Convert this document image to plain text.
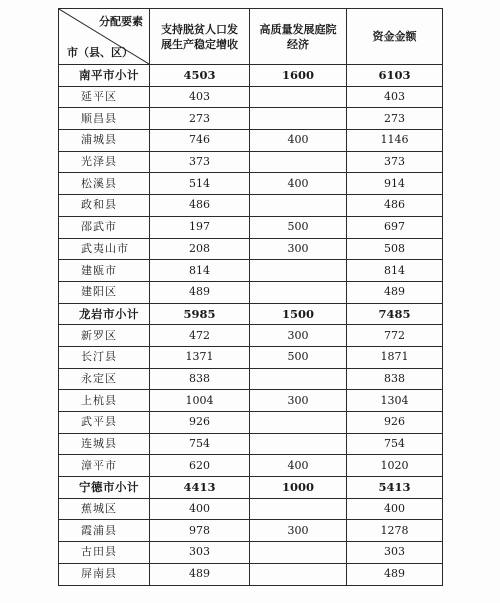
分配要素
市（县、区）	支持脱贫人口发展生产稳定增收	高质量发展庭院经济	资金金额
南平市小计	4503	1600	6103
延平区	403		403
顺昌县	273		273
浦城县	746	400	1146
光泽县	373		373
松溪县	514	400	914
政和县	486		486
邵武市	197	500	697
武夷山市	208	300	508
建瓯市	814		814
建阳区	489		489
龙岩市小计	5985	1500	7485
新罗区	472	300	772
长汀县	1371	500	1871
永定区	838		838
上杭县	1004	300	1304
武平县	926		926
连城县	754		754
漳平市	620	400	1020
宁德市小计	4413	1000	5413
蕉城区	400		400
霞浦县	978	300	1278
古田县	303		303
屏南县	489		489
